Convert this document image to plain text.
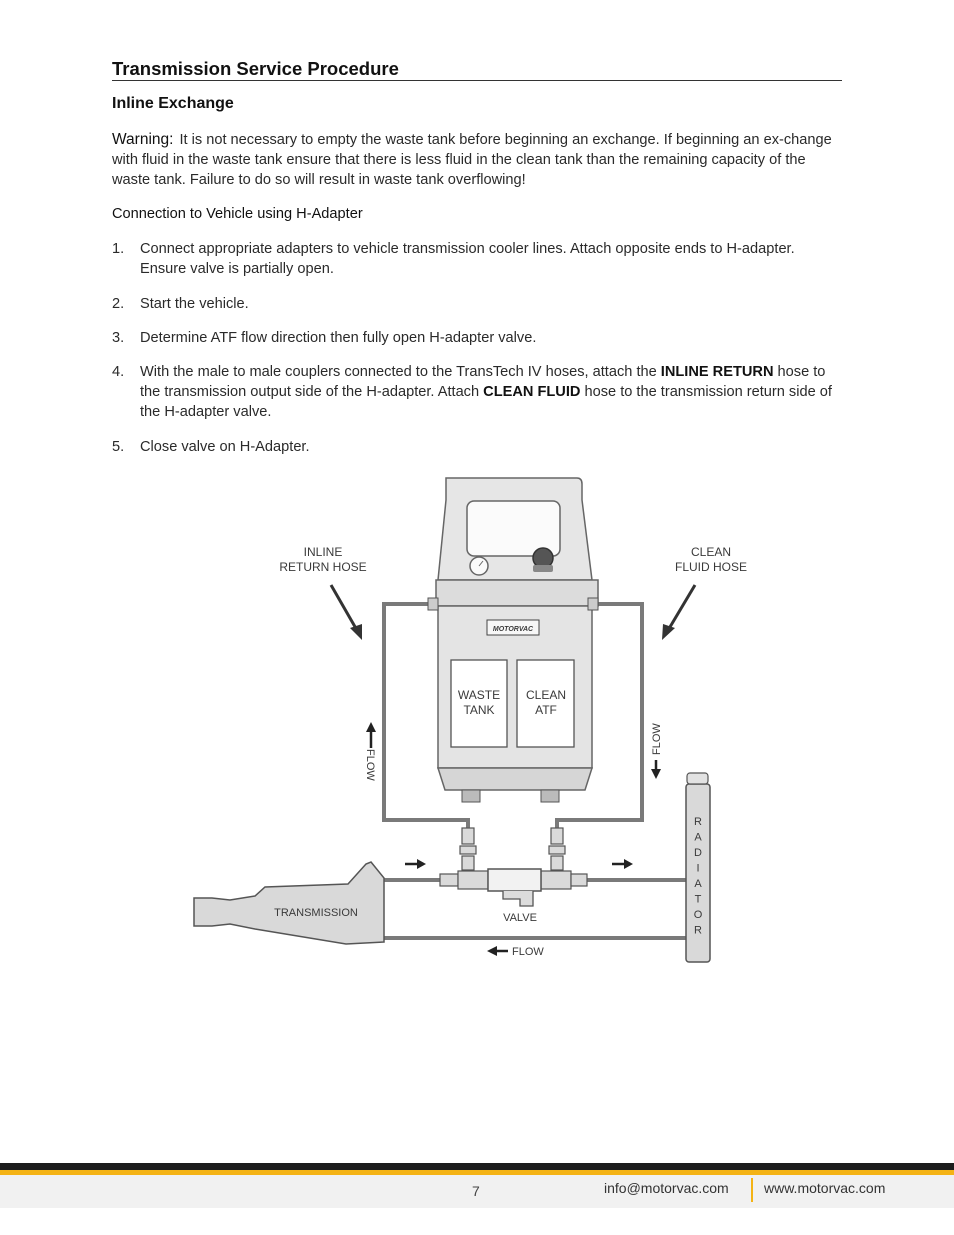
Transmission Service Procedure
Inline Exchange
Warning: It is not necessary to empty the waste tank before beginning an exchange. If beginning an ex-change with fluid in the waste tank ensure that there is less fluid in the clean tank than the remaining capacity of the waste tank. Failure to do so will result in waste tank overflowing!
Connection to Vehicle using H-Adapter
1. Connect appropriate adapters to vehicle transmission cooler lines. Attach opposite ends to H-adapter. Ensure valve is partially open.
2. Start the vehicle.
3. Determine ATF flow direction then fully open H-adapter valve.
4. With the male to male couplers connected to the TransTech IV hoses, attach the INLINE RETURN hose to the transmission output side of the H-adapter. Attach CLEAN FLUID hose to the transmission return side of the H-adapter valve.
5. Close valve on H-Adapter.
MOTORVAC
WASTE
TANK
CLEAN
ATF
INLINE
RETURN HOSE
CLEAN
FLUID HOSE
FLOW
FLOW
VALVE
FLOW
TRANSMISSION
R
A
D
I
A
T
O
R
7	info@motorvac.com	www.motorvac.com
